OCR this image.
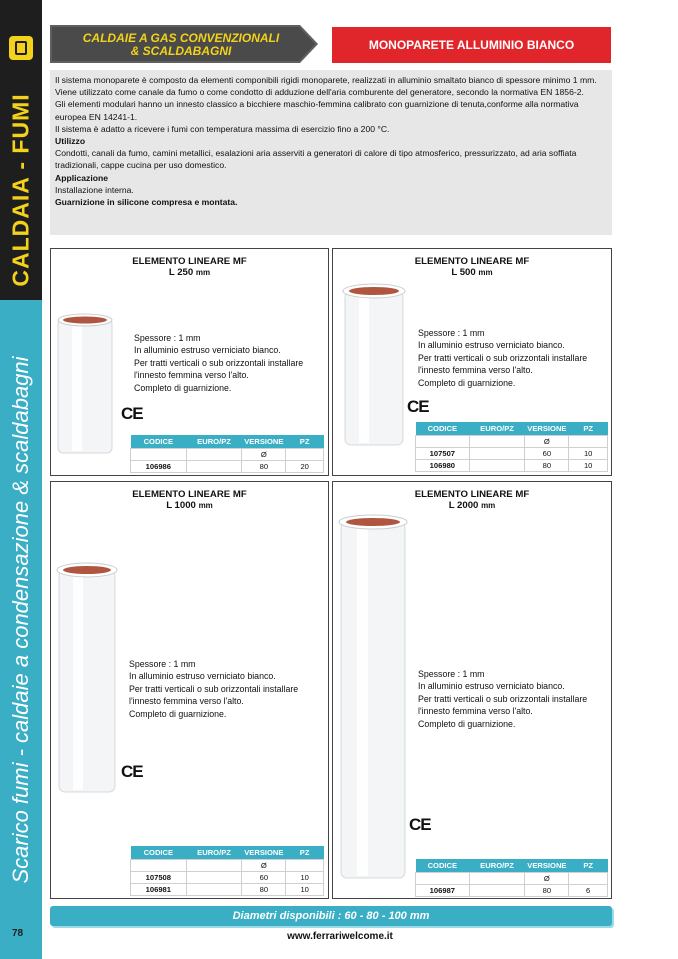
CALDAIA - FUMI
Scarico fumi - caldaie a condensazione & scaldabagni
78
CALDAIE A GAS CONVENZIONALI
& SCALDABAGNI	MONOPARETE ALLUMINIO BIANCO

Il sistema monoparete è composto da elementi componibili rigidi monoparete, realizzati in alluminio smaltato bianco di spessore minimo 1 mm.

Viene utilizzato come canale da fumo o come condotto di adduzione dell'aria comburente del generatore, secondo la normativa EN 1856-2.

Gli elementi modulari hanno un innesto classico a bicchiere maschio-femmina calibrato con guarnizione di tenuta,conforme alla normativa europea EN 14241-1.

Il sistema è adatto a ricevere i fumi con temperatura massima di esercizio fino a 200 °C.

Utilizzo

Condotti, canali da fumo, camini metallici, esalazioni aria asserviti a generatori di calore di tipo atmosferico, pressurizzato, ad aria soffiata tradizionali, cappe cucina per uso domestico.

Applicazione

Installazione interna.

Guarnizione in silicone compresa e montata.

ELEMENTO LINEARE MF
L 250 mm
Spessore : 1 mm
In alluminio estruso verniciato bianco.
Per tratti verticali o sub orizzontali installare
l'innesto femmina verso l'alto.
Completo di guarnizione.
CE
CODICE	EURO/PZ	VERSIONE	PZ
		Ø	
106986		80	20
ELEMENTO LINEARE MF
L 500 mm
Spessore : 1 mm
In alluminio estruso verniciato bianco.
Per tratti verticali o sub orizzontali installare
l'innesto femmina verso l'alto.
Completo di guarnizione.
CE
CODICE	EURO/PZ	VERSIONE	PZ
		Ø	
107507		60	10
106980		80	10
ELEMENTO LINEARE MF
L 1000 mm
Spessore : 1 mm
In alluminio estruso verniciato bianco.
Per tratti verticali o sub orizzontali installare
l'innesto femmina verso l'alto.
Completo di guarnizione.
CE
CODICE	EURO/PZ	VERSIONE	PZ
		Ø	
107508		60	10
106981		80	10
ELEMENTO LINEARE MF
L 2000 mm
Spessore : 1 mm
In alluminio estruso verniciato bianco.
Per tratti verticali o sub orizzontali installare
l'innesto femmina verso l'alto.
Completo di guarnizione.
CE
CODICE	EURO/PZ	VERSIONE	PZ
		Ø	
106987		80	6
Diametri disponibili : 60 - 80 - 100 mm
www.ferrariwelcome.it
